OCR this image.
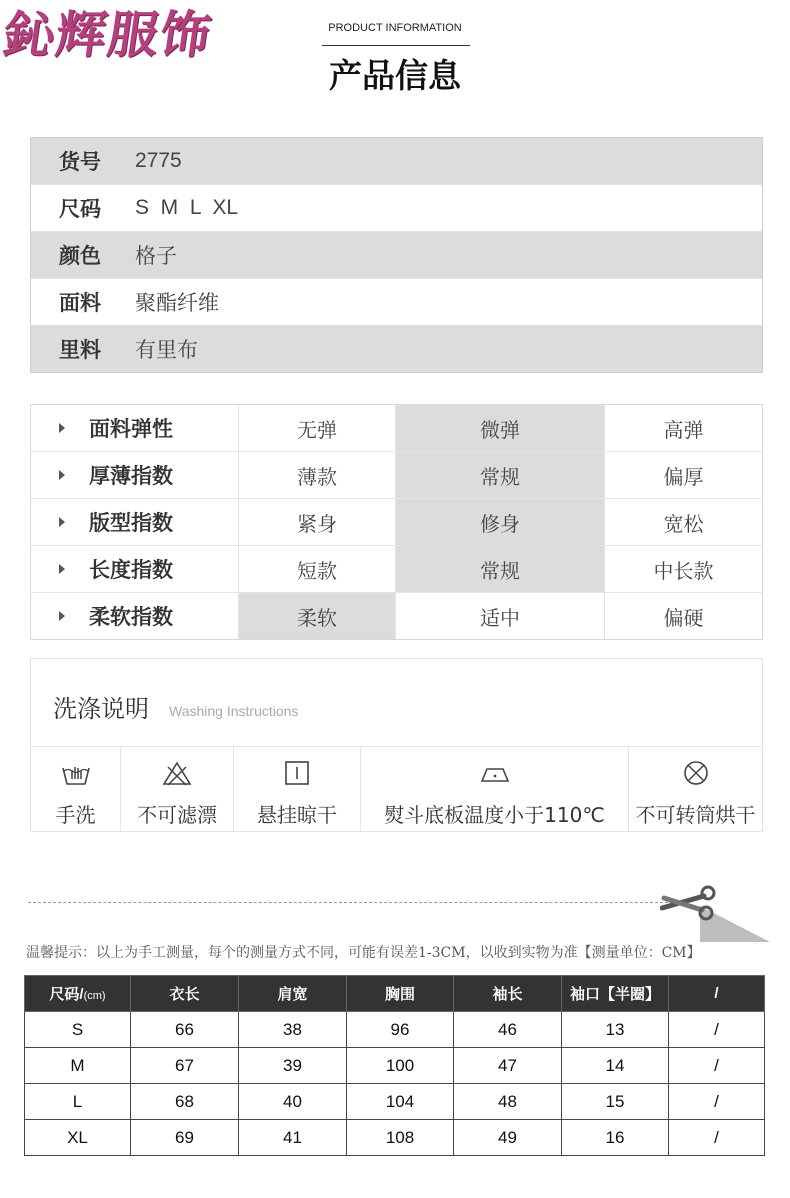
鈊辉服饰	PRODUCT INFORMATION
产品信息
货号	2775
尺码	S  M  L  XL
颜色	格子
面料	聚酯纤维
里料	有里布
面料弹性	无弹	微弹	高弹
厚薄指数	薄款	常规	偏厚
版型指数	紧身	修身	宽松
长度指数	短款	常规	中长款
柔软指数	柔软	适中	偏硬
洗涤说明 Washing Instructions
手洗	不可滤漂	悬挂晾干	熨斗底板温度小于110℃	不可转筒烘干
温馨提示：以上为手工测量，每个的测量方式不同，可能有误差1-3CM，以收到实物为准【测量单位：CM】
尺码/(cm)	衣长	肩宽	胸围	袖长	袖口【半圈】	/
S	66	38	96	46	13	/
M	67	39	100	47	14	/
L	68	40	104	48	15	/
XL	69	41	108	49	16	/
